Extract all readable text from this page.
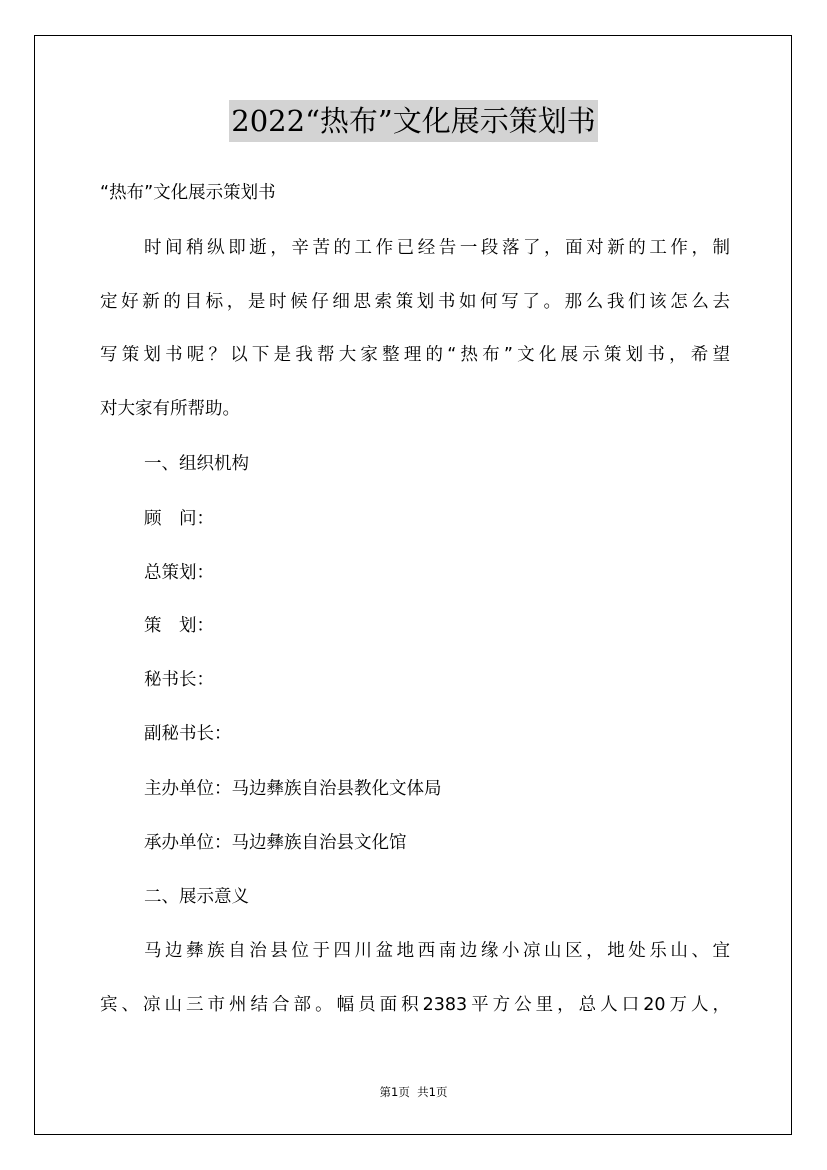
2022“热布”文化展示策划书
“热布”文化展示策划书
时间稍纵即逝，辛苦的工作已经告一段落了，面对新的工作，制
定好新的目标，是时候仔细思索策划书如何写了。那么我们该怎么去
写策划书呢？以下是我帮大家整理的“热布”文化展示策划书，希望
对大家有所帮助。
一、组织机构
顾　问：
总策划：
策　划：
秘书长：
副秘书长：
主办单位：马边彝族自治县教化文体局
承办单位：马边彝族自治县文化馆
二、展示意义
马边彝族自治县位于四川盆地西南边缘小凉山区，地处乐山、宜
宾、凉山三市州结合部。幅员面积2383平方公里，总人口20万人，
第1页  共1页
